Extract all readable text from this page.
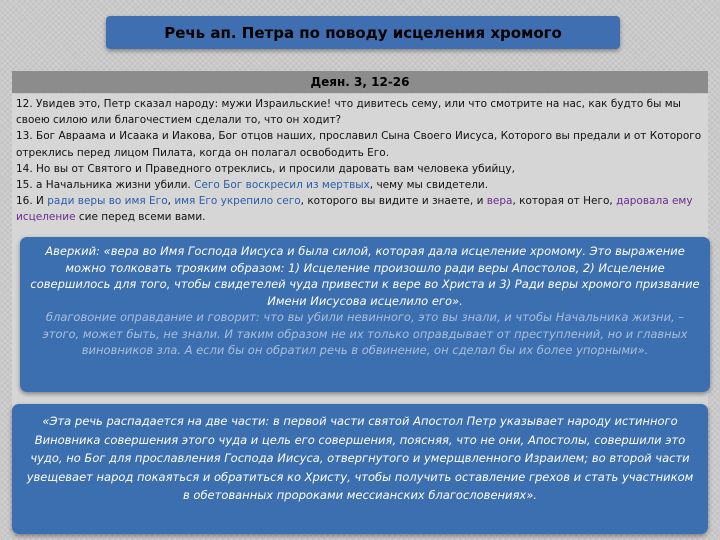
Речь ап. Петра по поводу исцеления хромого
Деян. 3, 12-26

12. Увидев это, Петр сказал народу: мужи Израильские! что дивитесь сему, или что смотрите на нас, как будто бы мы своею силою или благочестием сделали то, что он ходит?

13. Бог Авраама и Исаака и Иакова, Бог отцов наших, прославил Сына Своего Иисуса, Которого вы предали и от Которого отреклись перед лицом Пилата, когда он полагал освободить Его.

14. Но вы от Святого и Праведного отреклись, и просили даровать вам человека убийцу,

15. а Начальника жизни убили. Сего Бог воскресил из мертвых, чему мы свидетели.

16. И ради веры во имя Его, имя Его укрепило сего, которого вы видите и знаете, и вера, которая от Него, даровала ему исцеление сие перед всеми вами.

Аверкий: «вера во Имя Господа Иисуса и была силой, которая дала исцеление хромому. Это выражение можно толковать трояким образом: 1) Исцеление произошло ради веры Апостолов, 2) Исцеление совершилось для того, чтобы свидетелей чуда привести к вере во Христа и 3) Ради веры хромого призвание Имени Иисусова исцелило его».
благовоние оправдание и говорит: что вы убили невинного, это вы знали, и чтобы Начальника жизни, – этого, может быть, не знали. И таким образом не их только оправдывает от преступлений, но и главных виновников зла. А если бы он обратил речь в обвинение, он сделал бы их более упорными».
«Эта речь распадается на две части: в первой части святой Апостол Петр указывает народу истинного Виновника совершения этого чуда и цель его совершения, поясняя, что не они, Апостолы, совершили это чудо, но Бог для прославления Господа Иисуса, отвергнутого и умерщвленного Израилем; во второй части увещевает народ покаяться и обратиться ко Христу, чтобы получить оставление грехов и стать участником в обетованных пророками мессианских благословениях».
